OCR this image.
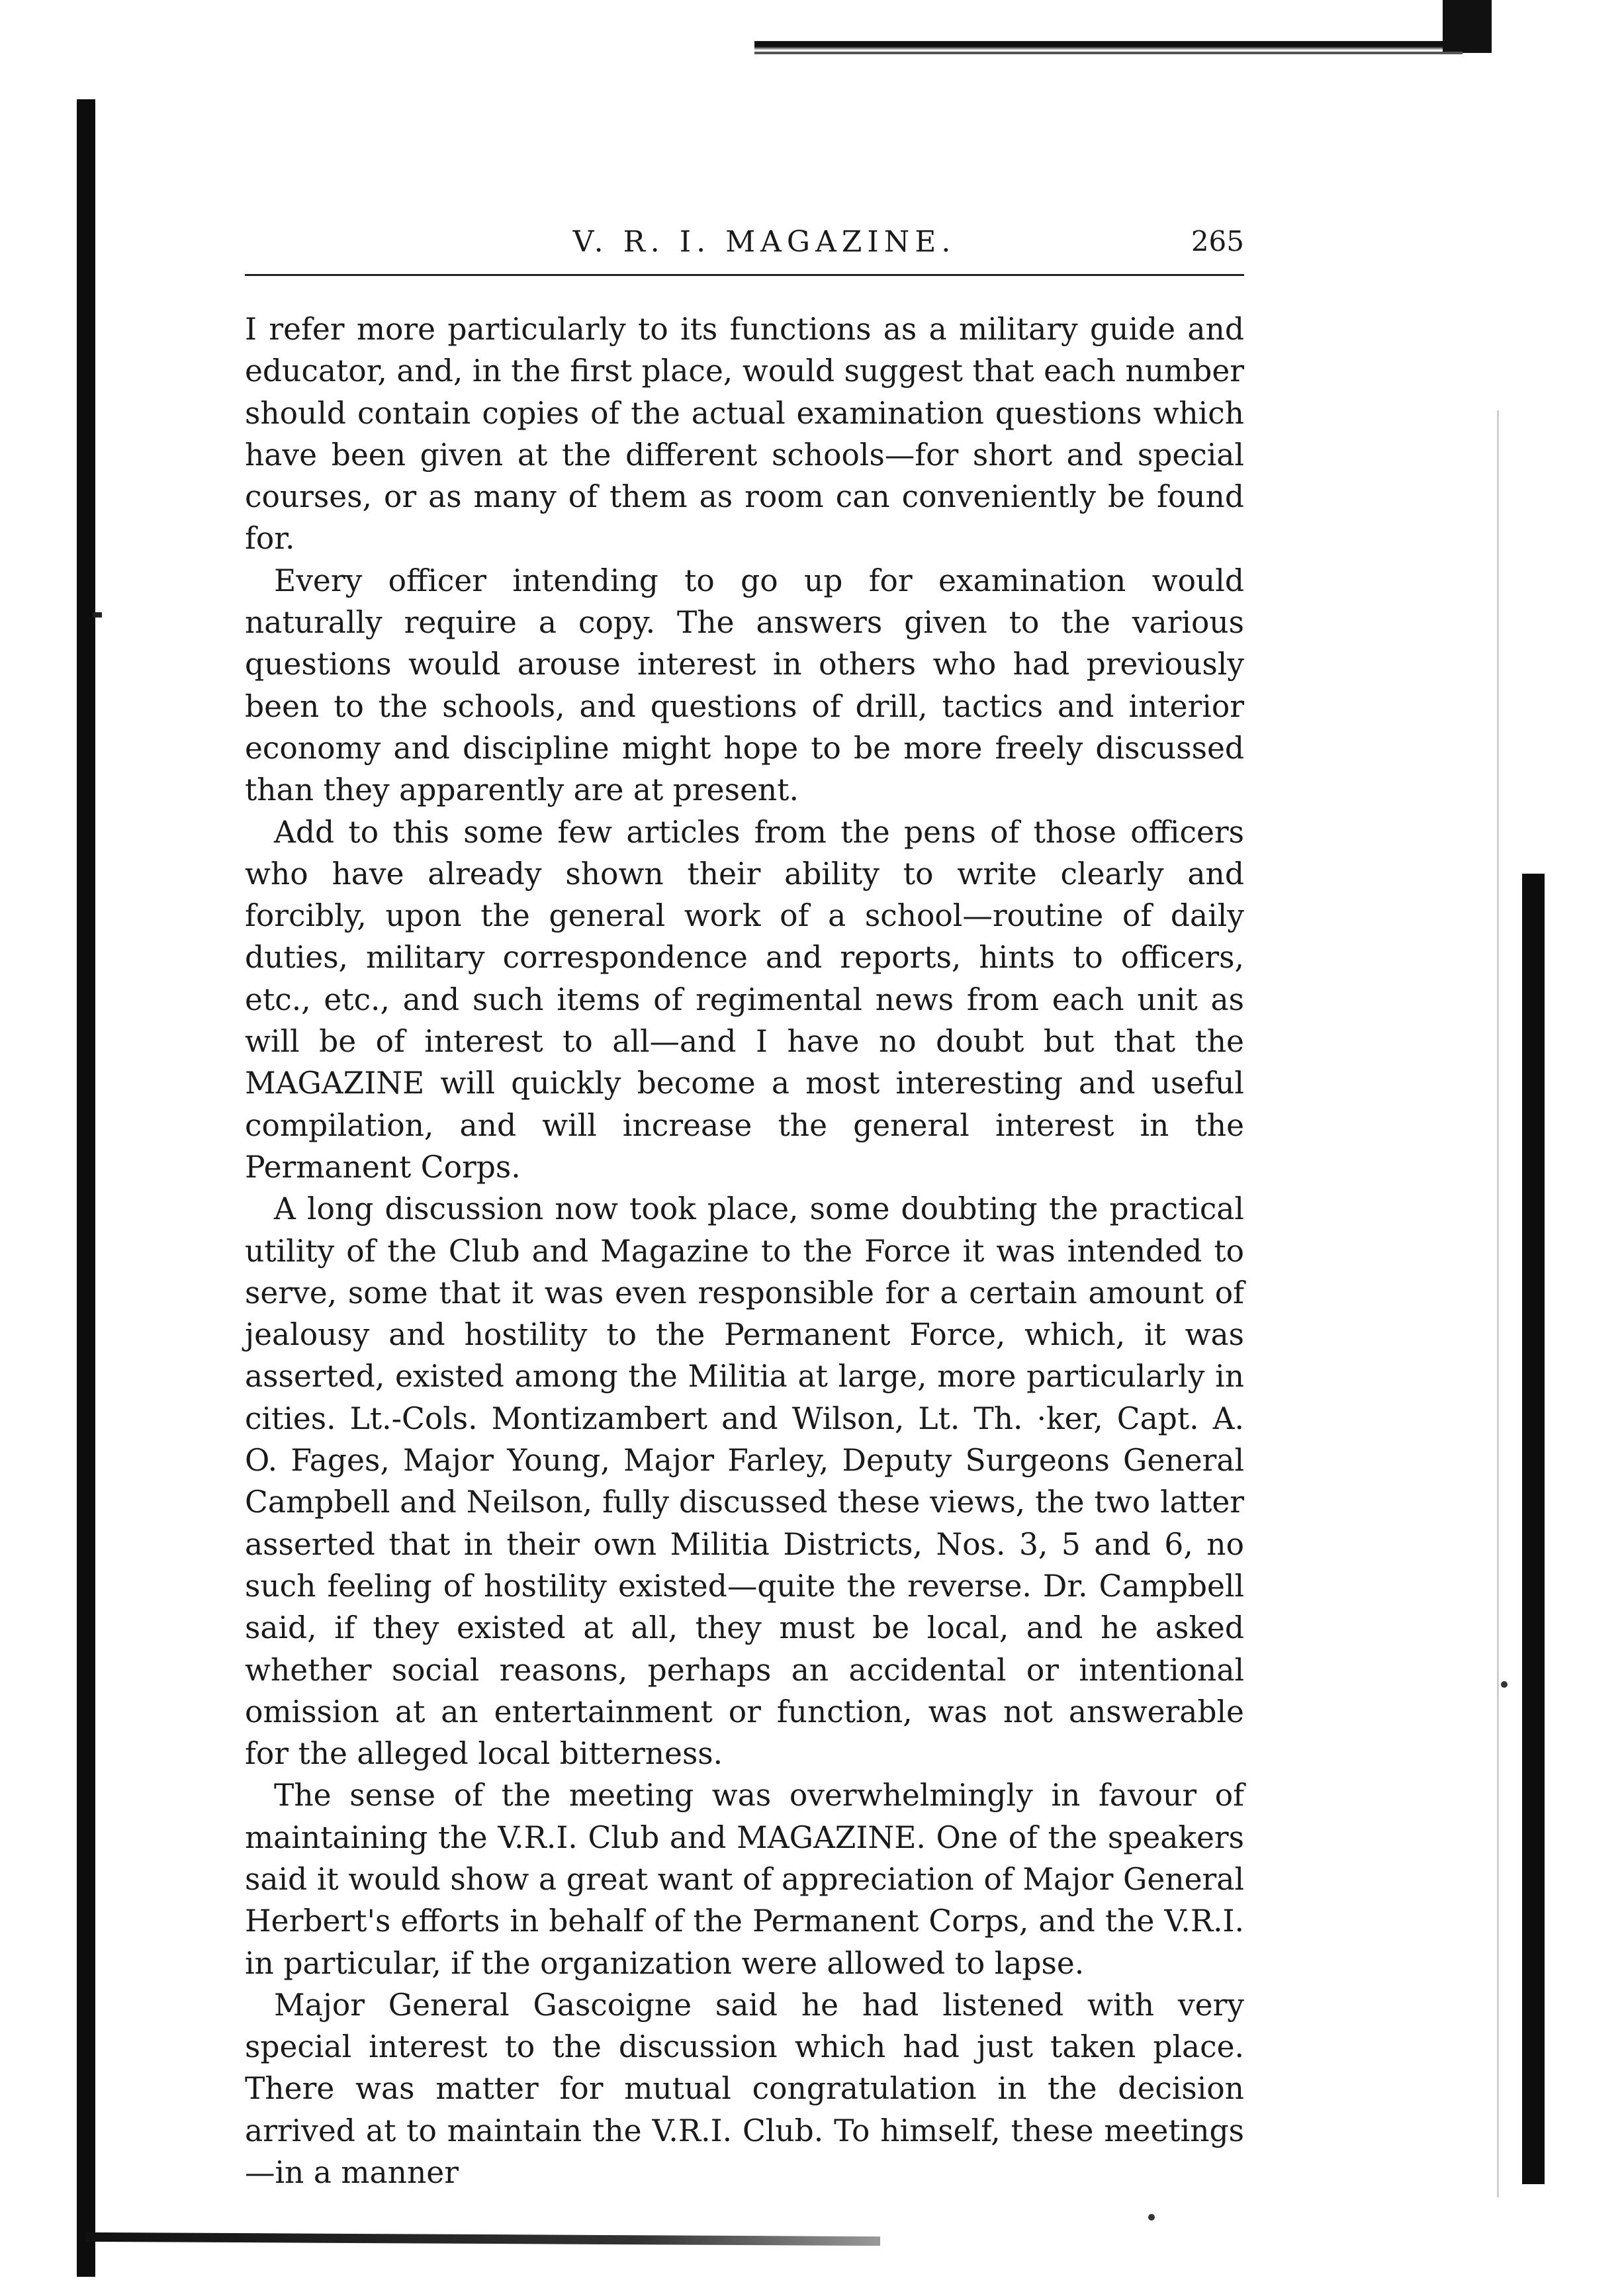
V. R. I. MAGAZINE.	265

I refer more particularly to its functions as a military guide and educator, and, in the first place, would suggest that each number should contain copies of the actual examination questions which have been given at the different schools—for short and special courses, or as many of them as room can conveniently be found for.

Every officer intending to go up for examination would naturally require a copy. The answers given to the various questions would arouse interest in others who had previously been to the schools, and questions of drill, tactics and interior economy and discipline might hope to be more freely discussed than they apparently are at present.

Add to this some few articles from the pens of those officers who have already shown their ability to write clearly and forcibly, upon the general work of a school—routine of daily duties, military correspondence and reports, hints to officers, etc., etc., and such items of regimental news from each unit as will be of interest to all—and I have no doubt but that the MAGAZINE will quickly become a most interesting and useful compilation, and will increase the general interest in the Permanent Corps.

A long discussion now took place, some doubting the practical utility of the Club and Magazine to the Force it was intended to serve, some that it was even responsible for a certain amount of jealousy and hostility to the Permanent Force, which, it was asserted, existed among the Militia at large, more particularly in cities. Lt.-Cols. Montizambert and Wilson, Lt. Th. ·ker, Capt. A. O. Fages, Major Young, Major Farley, Deputy Surgeons General Campbell and Neilson, fully discussed these views, the two latter asserted that in their own Militia Districts, Nos. 3, 5 and 6, no such feeling of hostility existed—quite the reverse. Dr. Campbell said, if they existed at all, they must be local, and he asked whether social reasons, perhaps an accidental or intentional omission at an entertainment or function, was not answerable for the alleged local bitterness.

The sense of the meeting was overwhelmingly in favour of maintaining the V.R.I. Club and MAGAZINE. One of the speakers said it would show a great want of appreciation of Major General Herbert's efforts in behalf of the Permanent Corps, and the V.R.I. in particular, if the organization were allowed to lapse.

Major General Gascoigne said he had listened with very special interest to the discussion which had just taken place. There was matter for mutual congratulation in the decision arrived at to maintain the V.R.I. Club. To himself, these meetings—in a manner
